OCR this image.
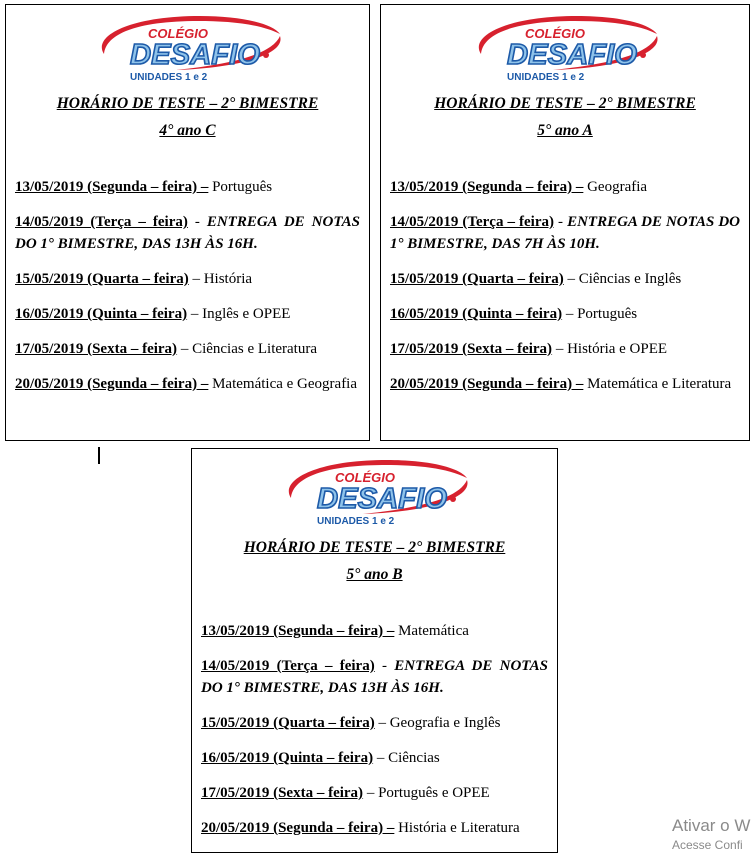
COLÉGIO
DESAFIO
UNIDADES 1 e 2
HORÁRIO DE TESTE – 2° BIMESTRE
4° ano C

13/05/2019 (Segunda – feira) – Português

14/05/2019 (Terça – feira) - ENTREGA DE NOTAS DO 1° BIMESTRE, DAS 13H ÀS 16H.

15/05/2019 (Quarta – feira) – História

16/05/2019 (Quinta – feira) – Inglês e OPEE

17/05/2019 (Sexta – feira) – Ciências e Literatura

20/05/2019 (Segunda – feira) – Matemática e Geografia

COLÉGIO
DESAFIO
UNIDADES 1 e 2
HORÁRIO DE TESTE – 2° BIMESTRE
5° ano A

13/05/2019 (Segunda – feira) – Geografia

14/05/2019 (Terça – feira) - ENTREGA DE NOTAS DO 1° BIMESTRE, DAS 7H ÀS 10H.

15/05/2019 (Quarta – feira) – Ciências e Inglês

16/05/2019 (Quinta – feira) – Português

17/05/2019 (Sexta – feira) – História e OPEE

20/05/2019 (Segunda – feira) – Matemática e Literatura

COLÉGIO
DESAFIO
UNIDADES 1 e 2
HORÁRIO DE TESTE – 2° BIMESTRE
5° ano B

13/05/2019 (Segunda – feira) – Matemática

14/05/2019 (Terça – feira) - ENTREGA DE NOTAS DO 1° BIMESTRE, DAS 13H ÀS 16H.

15/05/2019 (Quarta – feira) – Geografia e Inglês

16/05/2019 (Quinta – feira) – Ciências

17/05/2019 (Sexta – feira) – Português e OPEE

20/05/2019 (Segunda – feira) – História e Literatura	Ativar o W
Acesse Confi
